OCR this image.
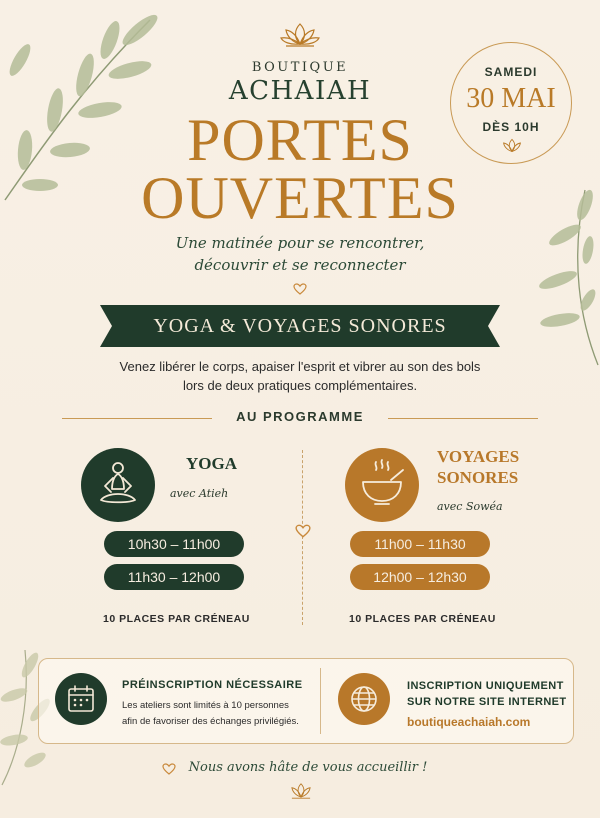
BOUTIQUE
ACHAIAH
PORTES
OUVERTES
Une matinée pour se rencontrer,
découvrir et se reconnecter
SAMEDI
30 MAI
DÈS 10H
YOGA & VOYAGES SONORES
Venez libérer le corps, apaiser l'esprit et vibrer au son des bols
lors de deux pratiques complémentaires.
AU PROGRAMME
YOGA
avec Atieh
VOYAGES
SONORES
avec Sowéa
10h30 – 11h00
11h30 – 12h00
11h00 – 11h30
12h00 – 12h30
10 PLACES PAR CRÉNEAU	10 PLACES PAR CRÉNEAU
PRÉINSCRIPTION NÉCESSAIRE
Les ateliers sont limités à 10 personnes
afin de favoriser des échanges privilégiés.
INSCRIPTION UNIQUEMENT
SUR NOTRE SITE INTERNET
boutiqueachaiah.com
Nous avons hâte de vous accueillir !
